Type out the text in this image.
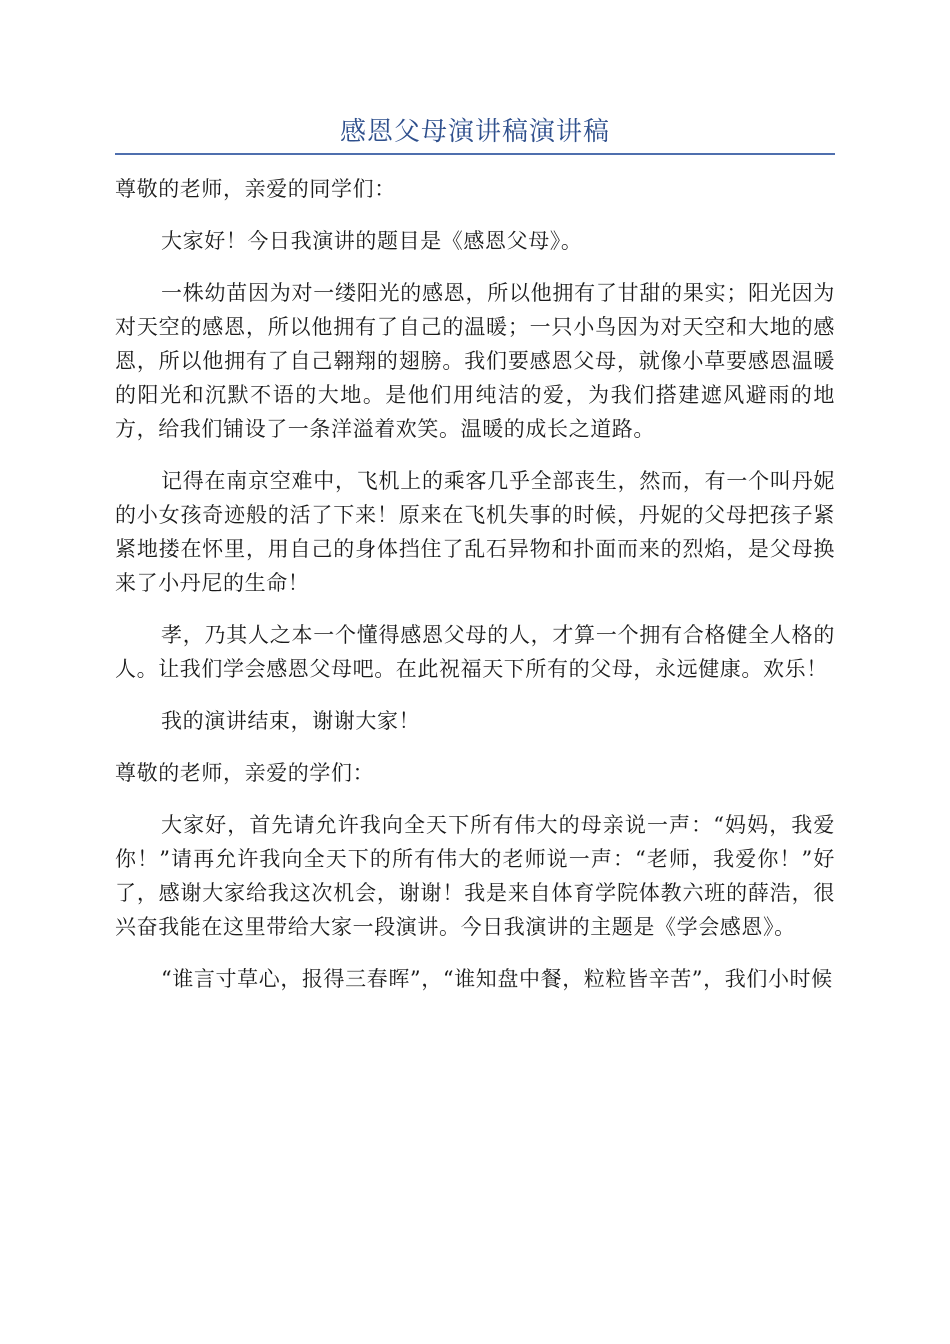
感恩父母演讲稿演讲稿

尊敬的老师，亲爱的同学们：

大家好！今日我演讲的题目是《感恩父母》。

一株幼苗因为对一缕阳光的感恩，所以他拥有了甘甜的果实；阳光因为对天空的感恩，所以他拥有了自己的温暖；一只小鸟因为对天空和大地的感恩，所以他拥有了自己翱翔的翅膀。我们要感恩父母，就像小草要感恩温暖的阳光和沉默不语的大地。是他们用纯洁的爱，为我们搭建遮风避雨的地方，给我们铺设了一条洋溢着欢笑。温暖的成长之道路。

记得在南京空难中，飞机上的乘客几乎全部丧生，然而，有一个叫丹妮的小女孩奇迹般的活了下来！原来在飞机失事的时候，丹妮的父母把孩子紧紧地搂在怀里，用自己的身体挡住了乱石异物和扑面而来的烈焰，是父母换来了小丹尼的生命！

孝，乃其人之本一个懂得感恩父母的人，才算一个拥有合格健全人格的人。让我们学会感恩父母吧。在此祝福天下所有的父母，永远健康。欢乐！

我的演讲结束，谢谢大家！

尊敬的老师，亲爱的学们：

大家好，首先请允许我向全天下所有伟大的母亲说一声：“妈妈，我爱你！”请再允许我向全天下的所有伟大的老师说一声：“老师，我爱你！”好了，感谢大家给我这次机会，谢谢！我是来自体育学院体教六班的薛浩，很兴奋我能在这里带给大家一段演讲。今日我演讲的主题是《学会感恩》。

“谁言寸草心，报得三春晖”，“谁知盘中餐，粒粒皆辛苦”，我们小时候
